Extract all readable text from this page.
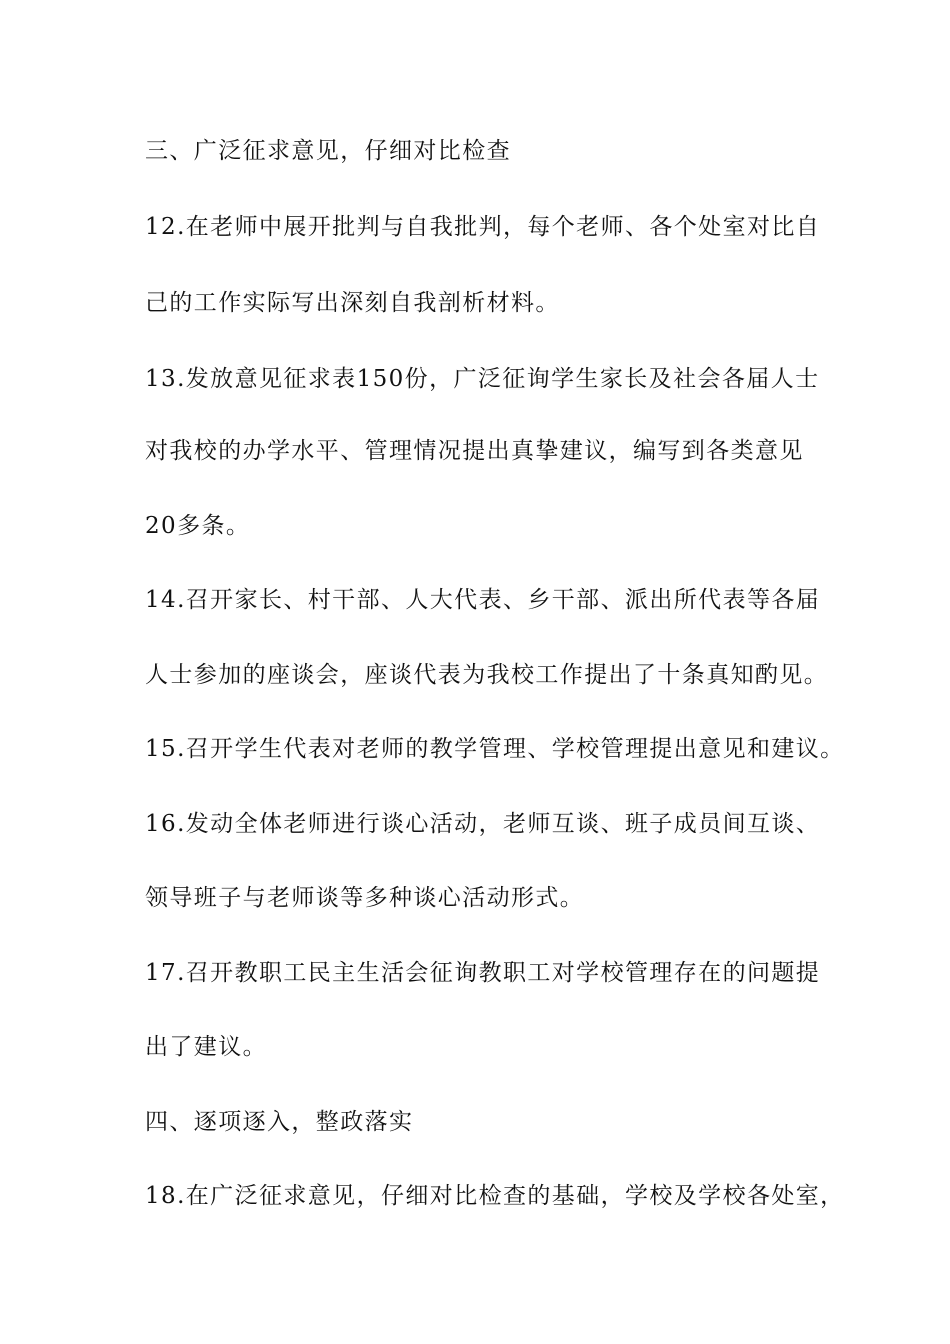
三、广泛征求意见，仔细对比检查
12.在老师中展开批判与自我批判，每个老师、各个处室对比自
己的工作实际写出深刻自我剖析材料。
13.发放意见征求表150份，广泛征询学生家长及社会各届人士
对我校的办学水平、管理情况提出真挚建议，编写到各类意见
20多条。
14.召开家长、村干部、人大代表、乡干部、派出所代表等各届
人士参加的座谈会，座谈代表为我校工作提出了十条真知酌见。
15.召开学生代表对老师的教学管理、学校管理提出意见和建议。
16.发动全体老师进行谈心活动，老师互谈、班子成员间互谈、
领导班子与老师谈等多种谈心活动形式。
17.召开教职工民主生活会征询教职工对学校管理存在的问题提
出了建议。
四、逐项逐入，整政落实
18.在广泛征求意见，仔细对比检查的基础，学校及学校各处室，
